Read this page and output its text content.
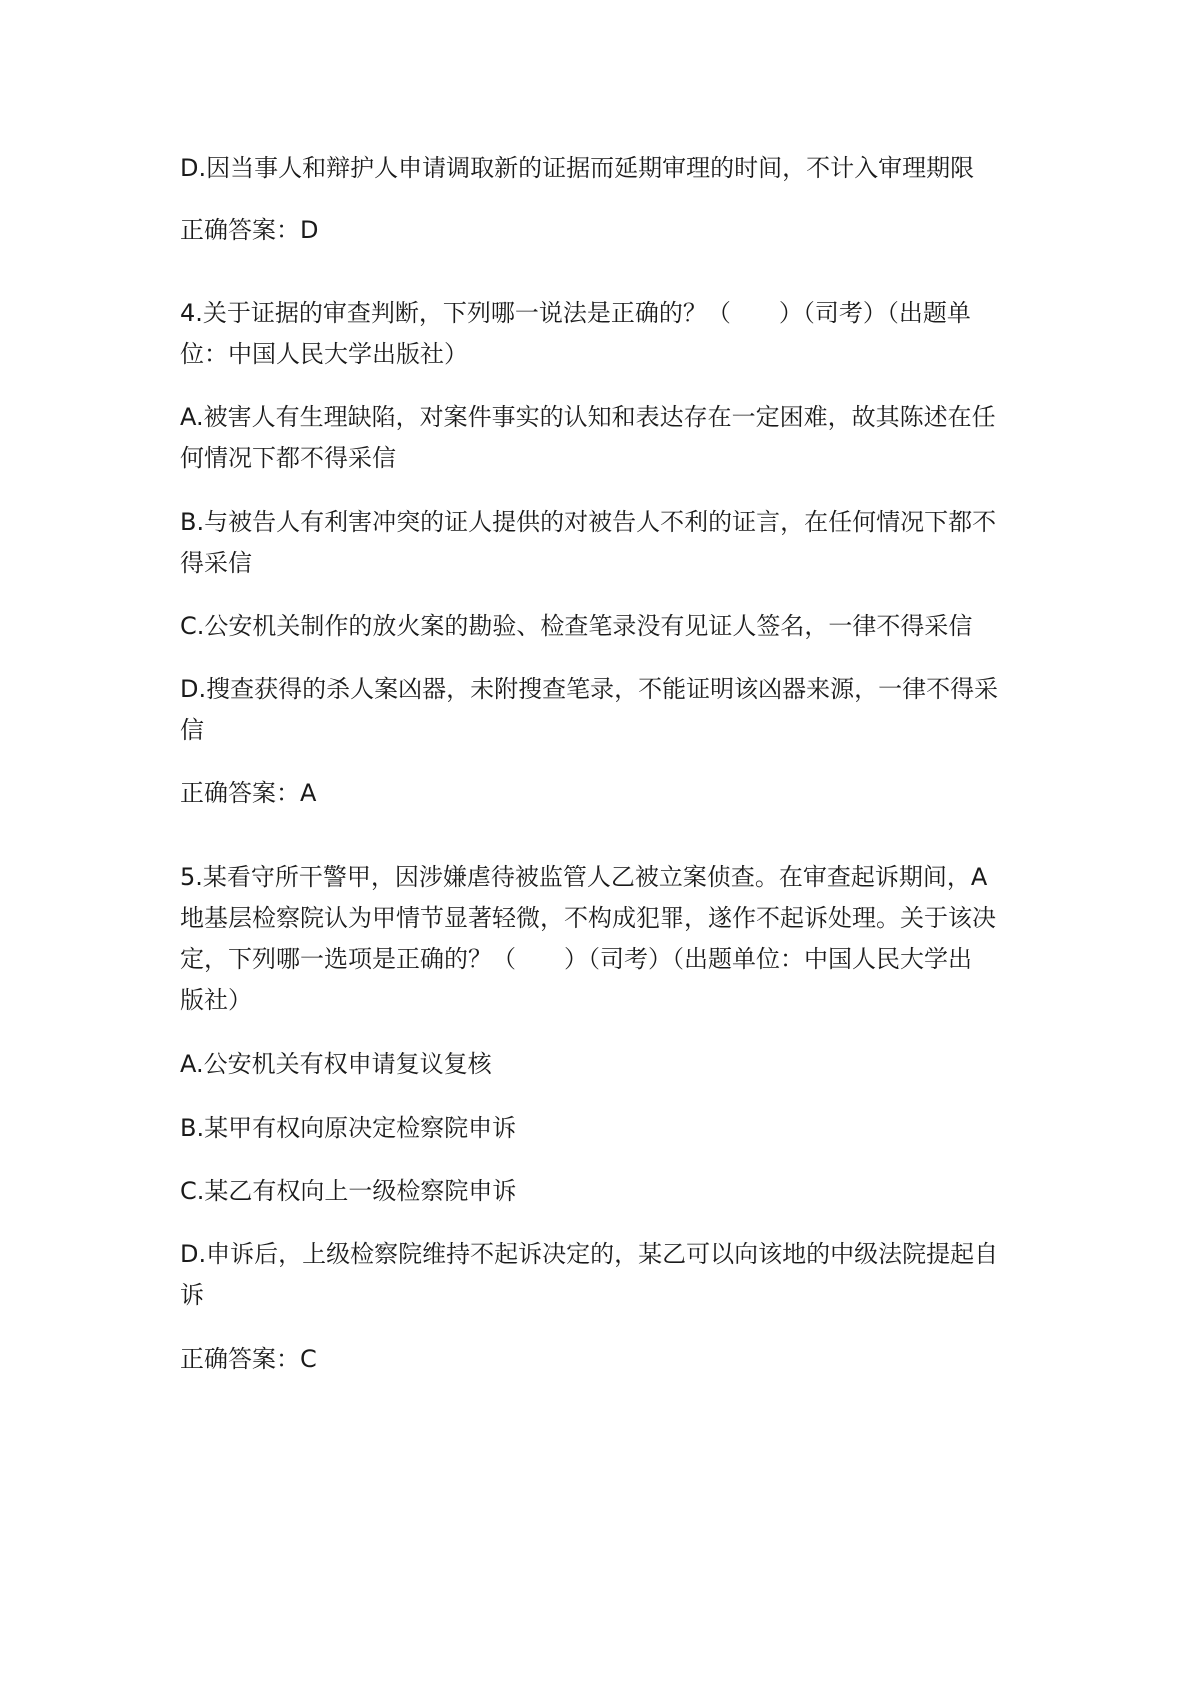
D.因当事人和辩护人申请调取新的证据而延期审理的时间，不计入审理期限
正确答案：D
4.关于证据的审查判断，下列哪一说法是正确的？（　　）（司考）（出题单
位：中国人民大学出版社）
A.被害人有生理缺陷，对案件事实的认知和表达存在一定困难，故其陈述在任
何情况下都不得采信
B.与被告人有利害冲突的证人提供的对被告人不利的证言，在任何情况下都不
得采信
C.公安机关制作的放火案的勘验、检查笔录没有见证人签名，一律不得采信
D.搜查获得的杀人案凶器，未附搜查笔录，不能证明该凶器来源，一律不得采
信
正确答案：A
5.某看守所干警甲，因涉嫌虐待被监管人乙被立案侦查。在审查起诉期间，A
地基层检察院认为甲情节显著轻微，不构成犯罪，遂作不起诉处理。关于该决
定，下列哪一选项是正确的？（　　）（司考）（出题单位：中国人民大学出
版社）
A.公安机关有权申请复议复核
B.某甲有权向原决定检察院申诉
C.某乙有权向上一级检察院申诉
D.申诉后，上级检察院维持不起诉决定的，某乙可以向该地的中级法院提起自
诉
正确答案：C
